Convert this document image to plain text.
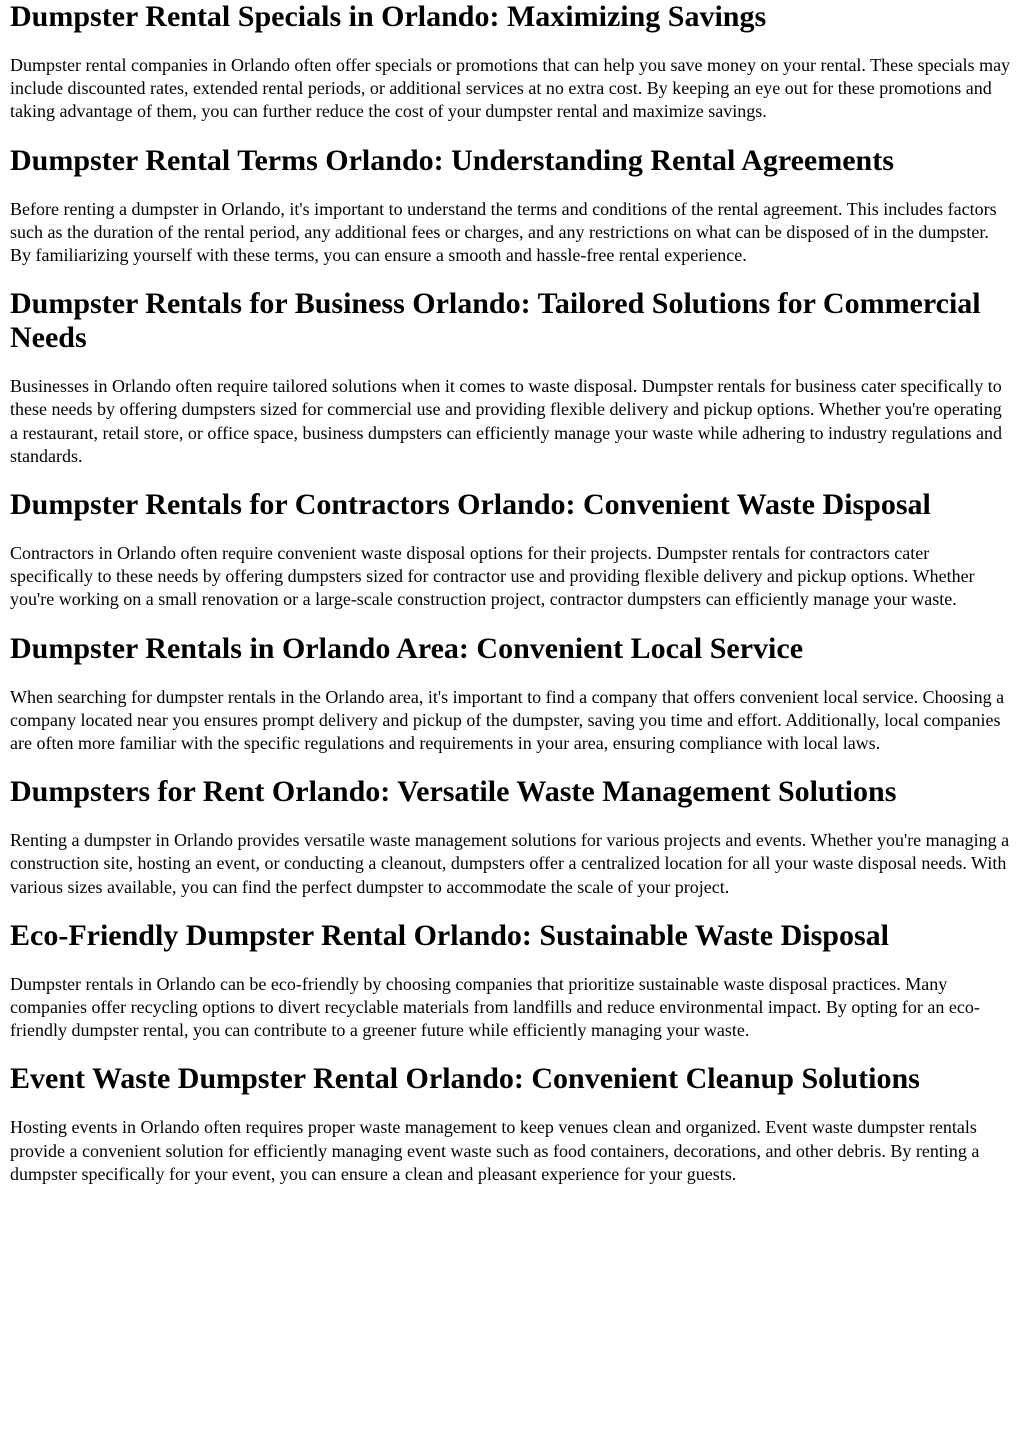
Dumpster Rental Specials in Orlando: Maximizing Savings

Dumpster rental companies in Orlando often offer specials or promotions that can help you save money on your rental. These specials may include discounted rates, extended rental periods, or additional services at no extra cost. By keeping an eye out for these promotions and taking advantage of them, you can further reduce the cost of your dumpster rental and maximize savings.

Dumpster Rental Terms Orlando: Understanding Rental Agreements

Before renting a dumpster in Orlando, it's important to understand the terms and conditions of the rental agreement. This includes factors such as the duration of the rental period, any additional fees or charges, and any restrictions on what can be disposed of in the dumpster. By familiarizing yourself with these terms, you can ensure a smooth and hassle-free rental experience.

Dumpster Rentals for Business Orlando: Tailored Solutions for Commercial Needs

Businesses in Orlando often require tailored solutions when it comes to waste disposal. Dumpster rentals for business cater specifically to these needs by offering dumpsters sized for commercial use and providing flexible delivery and pickup options. Whether you're operating a restaurant, retail store, or office space, business dumpsters can efficiently manage your waste while adhering to industry regulations and standards.

Dumpster Rentals for Contractors Orlando: Convenient Waste Disposal

Contractors in Orlando often require convenient waste disposal options for their projects. Dumpster rentals for contractors cater specifically to these needs by offering dumpsters sized for contractor use and providing flexible delivery and pickup options. Whether you're working on a small renovation or a large-scale construction project, contractor dumpsters can efficiently manage your waste.

Dumpster Rentals in Orlando Area: Convenient Local Service

When searching for dumpster rentals in the Orlando area, it's important to find a company that offers convenient local service. Choosing a company located near you ensures prompt delivery and pickup of the dumpster, saving you time and effort. Additionally, local companies are often more familiar with the specific regulations and requirements in your area, ensuring compliance with local laws.

Dumpsters for Rent Orlando: Versatile Waste Management Solutions

Renting a dumpster in Orlando provides versatile waste management solutions for various projects and events. Whether you're managing a construction site, hosting an event, or conducting a cleanout, dumpsters offer a centralized location for all your waste disposal needs. With various sizes available, you can find the perfect dumpster to accommodate the scale of your project.

Eco-Friendly Dumpster Rental Orlando: Sustainable Waste Disposal

Dumpster rentals in Orlando can be eco-friendly by choosing companies that prioritize sustainable waste disposal practices. Many companies offer recycling options to divert recyclable materials from landfills and reduce environmental impact. By opting for an eco-friendly dumpster rental, you can contribute to a greener future while efficiently managing your waste.

Event Waste Dumpster Rental Orlando: Convenient Cleanup Solutions

Hosting events in Orlando often requires proper waste management to keep venues clean and organized. Event waste dumpster rentals provide a convenient solution for efficiently managing event waste such as food containers, decorations, and other debris. By renting a dumpster specifically for your event, you can ensure a clean and pleasant experience for your guests.
